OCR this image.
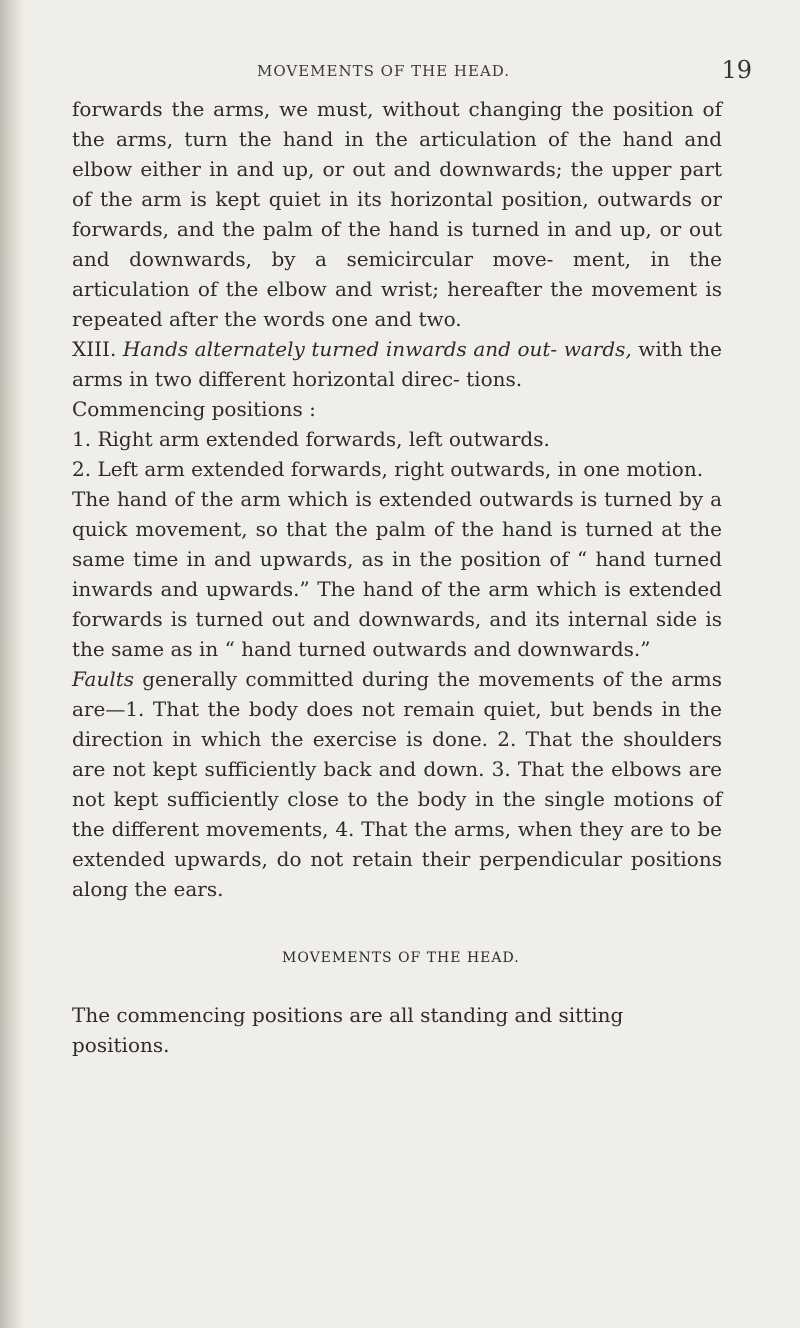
MOVEMENTS OF THE HEAD.	19

forwards the arms, we must, without changing the position of the arms, turn the hand in the articulation of the hand and elbow either in and up, or out and downwards; the upper part of the arm is kept quiet in its horizontal position, outwards or forwards, and the palm of the hand is turned in and up, or out and downwards, by a semicircular move- ment, in the articulation of the elbow and wrist; hereafter the movement is repeated after the words one and two.

XIII. Hands alternately turned inwards and out- wards, with the arms in two different horizontal direc- tions.

Commencing positions :

1. Right arm extended forwards, left outwards.

2. Left arm extended forwards, right outwards, in one motion.

The hand of the arm which is extended outwards is turned by a quick movement, so that the palm of the hand is turned at the same time in and upwards, as in the position of “ hand turned inwards and upwards.” The hand of the arm which is extended forwards is turned out and downwards, and its internal side is the same as in “ hand turned outwards and downwards.”

Faults generally committed during the movements of the arms are—1. That the body does not remain quiet, but bends in the direction in which the exercise is done. 2. That the shoulders are not kept sufficiently back and down. 3. That the elbows are not kept sufficiently close to the body in the single motions of the different movements, 4. That the arms, when they are to be extended upwards, do not retain their perpendicular positions along the ears.

MOVEMENTS OF THE HEAD.
The commencing positions are all standing and sitting positions.
